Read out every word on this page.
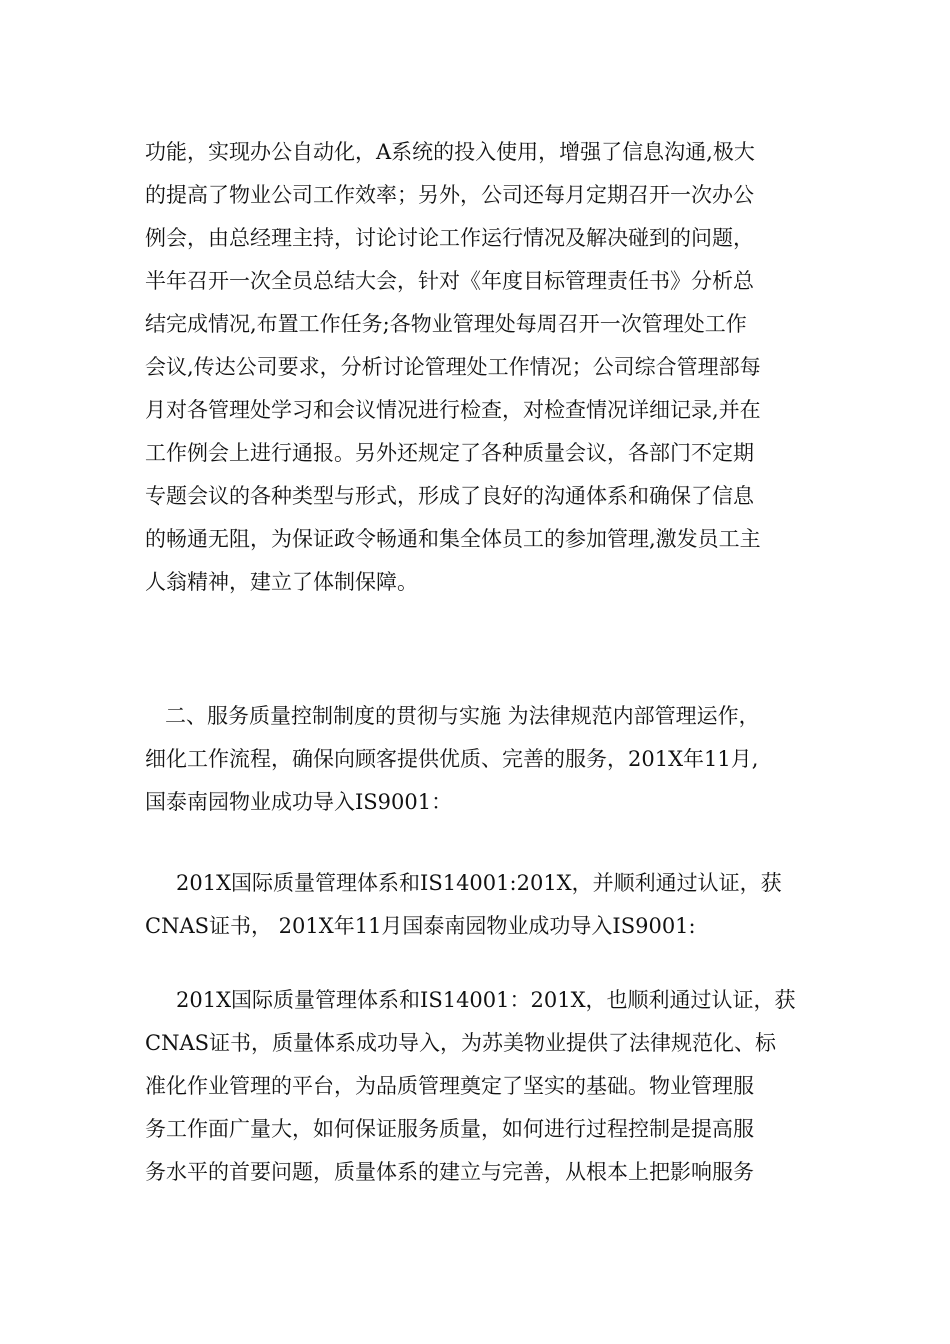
功能，实现办公自动化，A系统的投入使用，增强了信息沟通,极大
的提高了物业公司工作效率；另外，公司还每月定期召开一次办公
例会，由总经理主持，讨论讨论工作运行情况及解决碰到的问题，
半年召开一次全员总结大会，针对《年度目标管理责任书》分析总
结完成情况,布置工作任务;各物业管理处每周召开一次管理处工作
会议,传达公司要求，分析讨论管理处工作情况；公司综合管理部每
月对各管理处学习和会议情况进行检查，对检查情况详细记录,并在
工作例会上进行通报。另外还规定了各种质量会议，各部门不定期
专题会议的各种类型与形式，形成了良好的沟通体系和确保了信息
的畅通无阻，为保证政令畅通和集全体员工的参加管理,激发员工主
人翁精神，建立了体制保障。
二、服务质量控制制度的贯彻与实施 为法律规范内部管理运作，
细化工作流程，确保向顾客提供优质、完善的服务，201X年11月,
国泰南园物业成功导入IS9001：
201X国际质量管理体系和IS14001:201X，并顺利通过认证，获
CNAS证书， 201X年11月国泰南园物业成功导入IS9001:
201X国际质量管理体系和IS14001：201X，也顺利通过认证，获
CNAS证书，质量体系成功导入，为苏美物业提供了法律规范化、标
准化作业管理的平台，为品质管理奠定了坚实的基础。物业管理服
务工作面广量大，如何保证服务质量，如何进行过程控制是提高服
务水平的首要问题，质量体系的建立与完善，从根本上把影响服务
